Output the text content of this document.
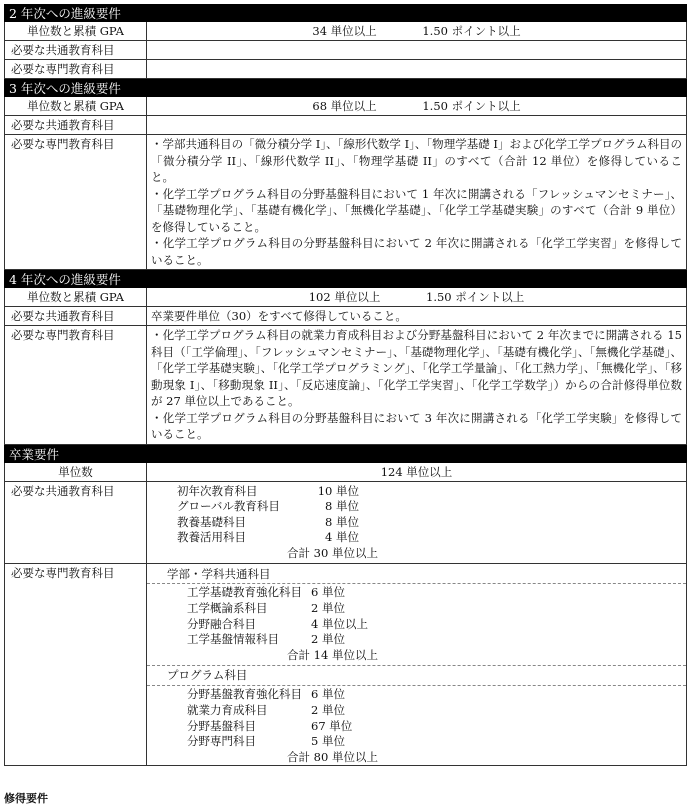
2 年次への進級要件
単位数と累積 GPA	34 単位以上	1.50 ポイント以上
必要な共通教育科目
必要な専門教育科目
3 年次への進級要件
単位数と累積 GPA	68 単位以上	1.50 ポイント以上
必要な共通教育科目
必要な専門教育科目	・学部共通科目の「微分積分学 I」、「線形代数学 I」、「物理学基礎 I」および化学工学プログラム科目の「微分積分学 II」、「線形代数学 II」、「物理学基礎 II」のすべて（合計 12 単位）を修得していること。
・化学工学プログラム科目の分野基盤科目において 1 年次に開講される「フレッシュマンセミナー」、「基礎物理化学」、「基礎有機化学」、「無機化学基礎」、「化学工学基礎実験」のすべて（合計 9 単位）を修得していること。
・化学工学プログラム科目の分野基盤科目において 2 年次に開講される「化学工学実習」を修得していること。
4 年次への進級要件
単位数と累積 GPA	102 単位以上	1.50 ポイント以上
必要な共通教育科目	卒業要件単位（30）をすべて修得していること。
必要な専門教育科目	・化学工学プログラム科目の就業力育成科目および分野基盤科目において 2 年次までに開講される 15 科目（「工学倫理」、「フレッシュマンセミナー」、「基礎物理化学」、「基礎有機化学」、「無機化学基礎」、「化学工学基礎実験」、「化学工学プログラミング」、「化学工学量論」、「化工熱力学」、「無機化学」、「移動現象 I」、「移動現象 II」、「反応速度論」、「化学工学実習」、「化学工学数学」）からの合計修得単位数が 27 単位以上であること。
・化学工学プログラム科目の分野基盤科目において 3 年次に開講される「化学工学実験」を修得していること。
卒業要件
単位数	124 単位以上
必要な共通教育科目	初年次教育科目	10 単位
グローバル教育科目	8 単位
教養基礎科目	8 単位
教養活用科目	4 単位
合計 30 単位以上
必要な専門教育科目	学部・学科共通科目
工学基礎教育強化科目 6 単位
工学概論系科目	2 単位
分野融合科目	4 単位以上
工学基盤情報科目	2 単位
合計 14 単位以上
プログラム科目
分野基盤教育強化科目 6 単位
就業力育成科目	2 単位
分野基盤科目	67 単位
分野専門科目	5 単位
合計 80 単位以上
修得要件
